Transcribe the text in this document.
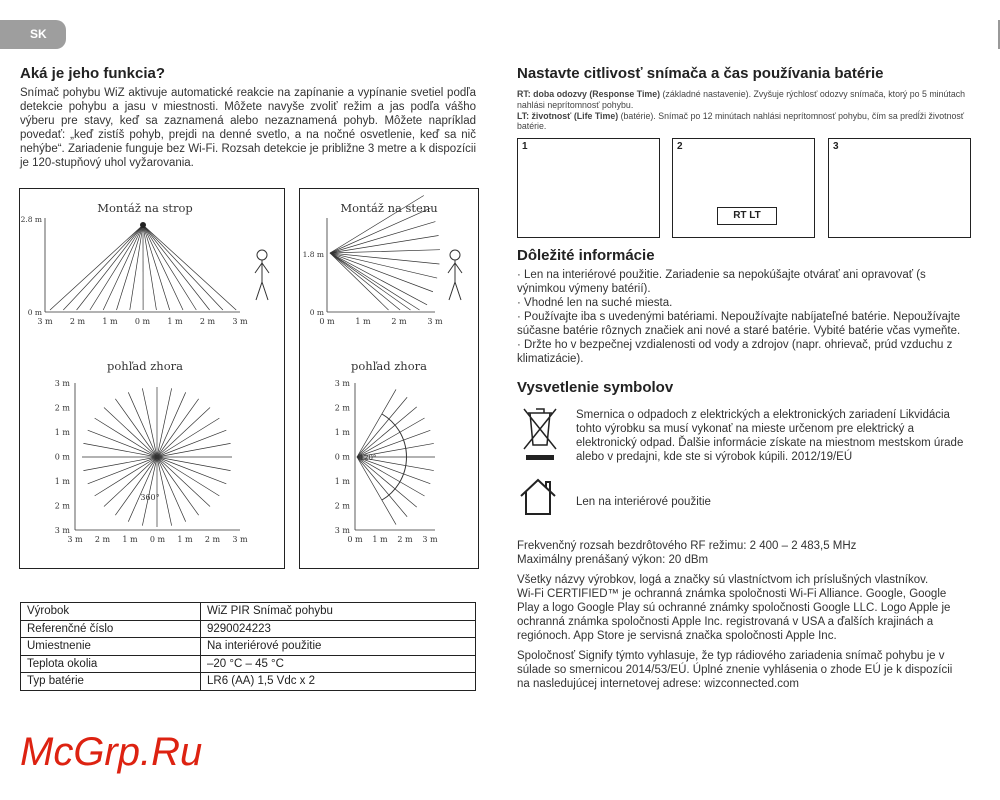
SK
Aká je jeho funkcia?
Snímač pohybu WiZ aktivuje automatické reakcie na zapínanie a vypínanie svetiel podľa detekcie pohybu a jasu v miestnosti. Môžete navyše zvoliť režim a jas podľa vášho výberu pre stavy, keď sa zaznamená alebo nezaznamená pohyb. Môžete napríklad povedať: „keď zistíš pohyb, prejdi na denné svetlo, a na nočné osvetlenie, keď sa nič nehýbe“. Zariadenie funguje bez Wi-Fi. Rozsah detekcie je približne 3 metre a k dispozícii je 120-stupňový uhol vyžarovania.
Montáž na strop
2.8 m
0 m
3 m 2 m 1 m 0 m 1 m 2 m 3 m
Montáž na stenu
1.8 m
0 m
0 m	1 m	2 m	3 m
pohľad zhora
3 m
2 m
1 m
0 m
1 m
2 m
3 m
3 m 2 m 1 m 0 m 1 m 2 m 3 m
360°
pohľad zhora
3 m
2 m
1 m
0 m
1 m
2 m
3 m
0 m 1 m 2 m 3 m
120°
Výrobok	WiZ PIR Snímač pohybu
Referenčné číslo	9290024223
Umiestnenie	Na interiérové použitie
Teplota okolia	–20 °C – 45 °C
Typ batérie	LR6 (AA) 1,5 Vdc x 2
Nastavte citlivosť snímača a čas používania batérie
RT: doba odozvy (Response Time) (základné nastavenie). Zvyšuje rýchlosť odozvy snímača, ktorý po 5 minútach nahlási neprítomnosť pohybu.
LT: životnosť (Life Time) (batérie). Snímač po 12 minútach nahlási neprítomnosť pohybu, čím sa predĺži životnosť batérie.
1	2
RT LT
3
Dôležité informácie
· Len na interiérové použitie. Zariadenie sa nepokúšajte otvárať ani opravovať (s výnimkou výmeny batérií).
· Vhodné len na suché miesta.
· Používajte iba s uvedenými batériami. Nepoužívajte nabíjateľné batérie. Nepoužívajte súčasne batérie rôznych značiek ani nové a staré batérie. Vybité batérie včas vymeňte.
· Držte ho v bezpečnej vzdialenosti od vody a zdrojov (napr. ohrievač, prúd vzduchu z klimatizácie).
Vysvetlenie symbolov
Smernica o odpadoch z elektrických a elektronických zariadení Likvidácia tohto výrobku sa musí vykonať na mieste určenom pre elektrický a elektronický odpad. Ďalšie informácie získate na miestnom mestskom úrade alebo v predajni, kde ste si výrobok kúpili. 2012/19/EÚ
Len na interiérové použitie
Frekvenčný rozsah bezdrôtového RF režimu: 2 400 – 2 483,5 MHz
Maximálny prenášaný výkon: 20 dBm
Všetky názvy výrobkov, logá a značky sú vlastníctvom ich príslušných vlastníkov.
Wi-Fi CERTIFIED™ je ochranná známka spoločnosti Wi-Fi Alliance. Google, Google Play a logo Google Play sú ochranné známky spoločnosti Google LLC. Logo Apple je ochranná známka spoločnosti Apple Inc. registrovaná v USA a ďalších krajinách a regiónoch. App Store je servisná značka spoločnosti Apple Inc.
Spoločnosť Signify týmto vyhlasuje, že typ rádiového zariadenia snímač pohybu je v súlade so smernicou 2014/53/EÚ. Úplné znenie vyhlásenia o zhode EÚ je k dispozícii na nasledujúcej internetovej adrese: wizconnected.com
McGrp.Ru
